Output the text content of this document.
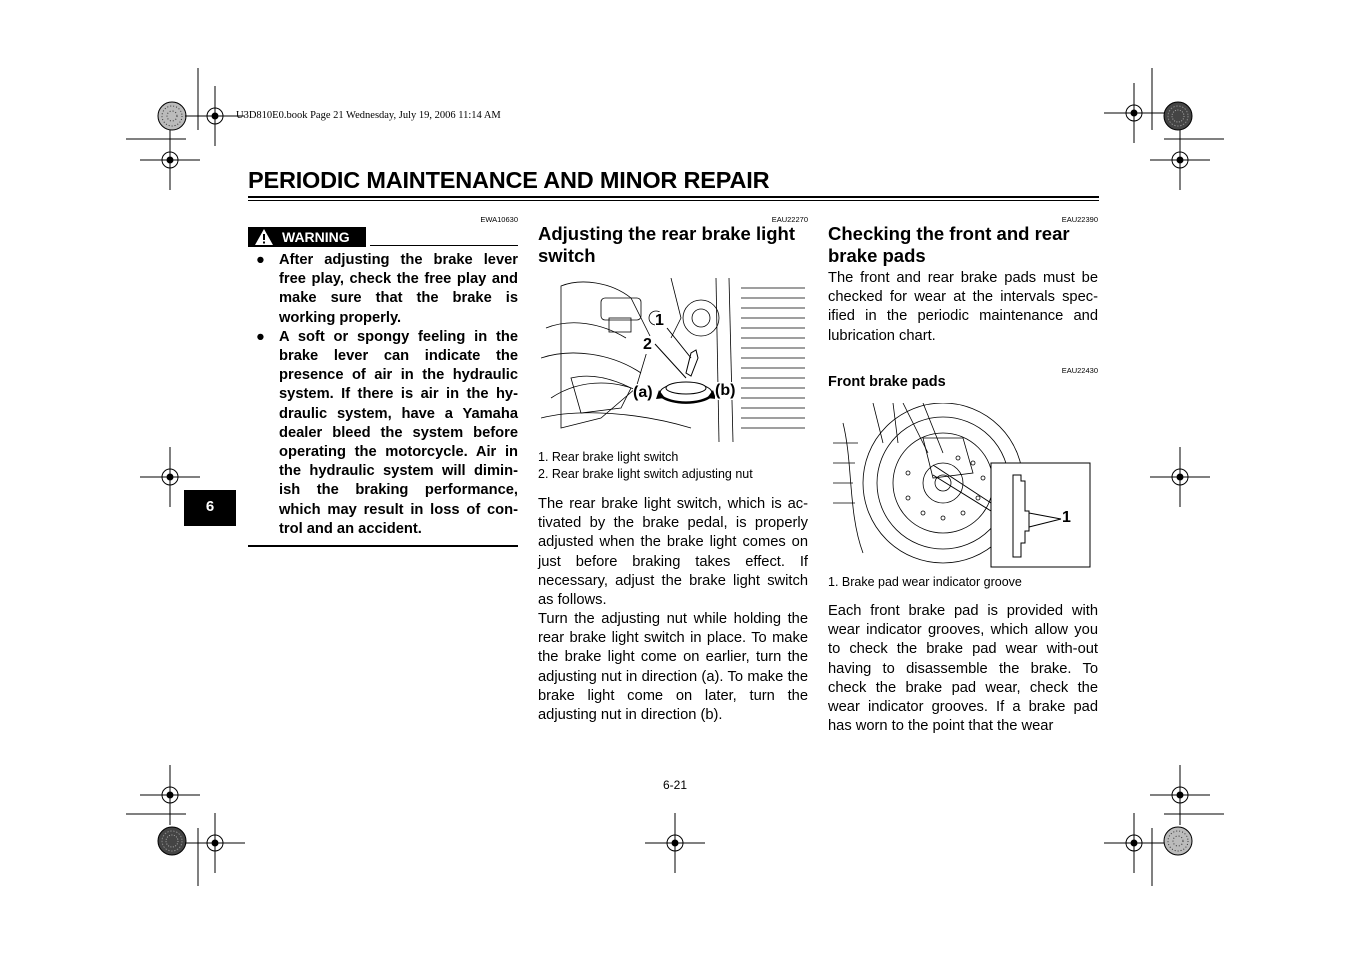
U3D810E0.book Page 21 Wednesday, July 19, 2006 11:14 AM
PERIODIC MAINTENANCE AND MINOR REPAIR
EWA10630
WARNING
● After adjusting the brake lever free play, check the free play and make sure that the brake is working properly.
● A soft or spongy feeling in the brake lever can indicate the presence of air in the hydraulic system. If there is air in the hy-draulic system, have a Yamaha dealer bleed the system before operating the motorcycle. Air in the hydraulic system will dimin-ish the braking performance, which may result in loss of con-trol and an accident.
6
EAU22270
Adjusting the rear brake light switch
1
2
(a)	(b)
1. Rear brake light switch
2. Rear brake light switch adjusting nut
The rear brake light switch, which is ac-tivated by the brake pedal, is properly adjusted when the brake light comes on just before braking takes effect. If necessary, adjust the brake light switch as follows.
Turn the adjusting nut while holding the rear brake light switch in place. To make the brake light come on earlier, turn the adjusting nut in direction (a). To make the brake light come on later, turn the adjusting nut in direction (b).
EAU22390
Checking the front and rear brake pads
The front and rear brake pads must be checked for wear at the intervals spec-ified in the periodic maintenance and lubrication chart.
EAU22430
Front brake pads
1
1. Brake pad wear indicator groove
Each front brake pad is provided with wear indicator grooves, which allow you to check the brake pad wear with-out having to disassemble the brake. To check the brake pad wear, check the wear indicator grooves. If a brake pad has worn to the point that the wear
6-21
